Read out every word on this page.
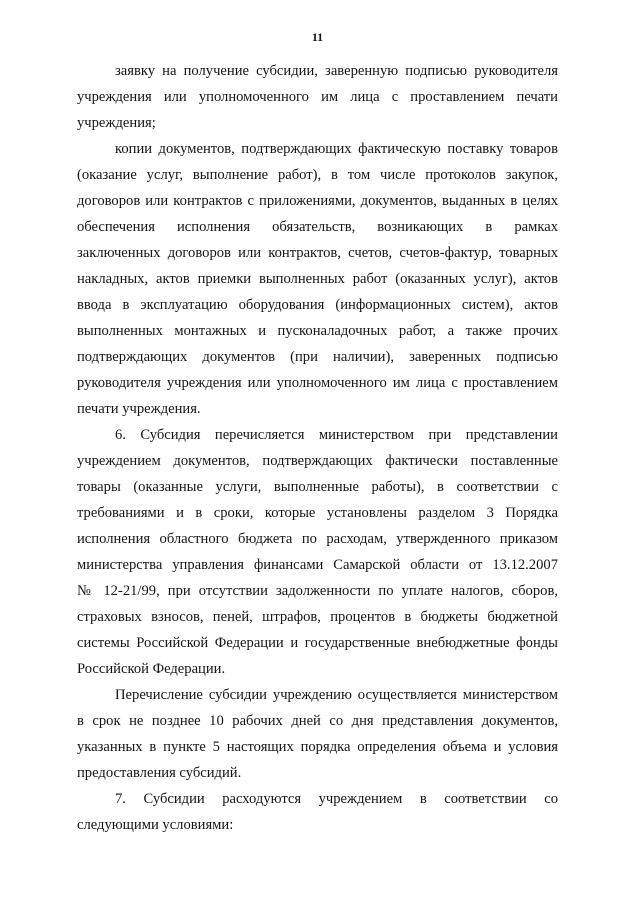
11
заявку на получение субсидии, заверенную подписью руководителя
учреждения или уполномоченного им лица с проставлением печати
учреждения;
копии документов, подтверждающих фактическую поставку товаров
(оказание услуг, выполнение работ), в том числе протоколов закупок,
договоров или контрактов с приложениями, документов, выданных в целях
обеспечения исполнения обязательств, возникающих в рамках
заключенных договоров или контрактов, счетов, счетов-фактур, товарных
накладных, актов приемки выполненных работ (оказанных услуг), актов
ввода в эксплуатацию оборудования (информационных систем), актов
выполненных монтажных и пусконаладочных работ, а также прочих
подтверждающих документов (при наличии), заверенных подписью
руководителя учреждения или уполномоченного им лица с проставлением
печати учреждения.
6. Субсидия перечисляется министерством при представлении
учреждением документов, подтверждающих фактически поставленные
товары (оказанные услуги, выполненные работы), в соответствии с
требованиями и в сроки, которые установлены разделом 3 Порядка
исполнения областного бюджета по расходам, утвержденного приказом
министерства управления финансами Самарской области от 13.12.2007
№ 12-21/99, при отсутствии задолженности по уплате налогов, сборов,
страховых взносов, пеней, штрафов, процентов в бюджеты бюджетной
системы Российской Федерации и государственные внебюджетные фонды
Российской Федерации.
Перечисление субсидии учреждению осуществляется министерством
в срок не позднее 10 рабочих дней со дня представления документов,
указанных в пункте 5 настоящих порядка определения объема и условия
предоставления субсидий.
7. Субсидии расходуются учреждением в соответствии со
следующими условиями:
